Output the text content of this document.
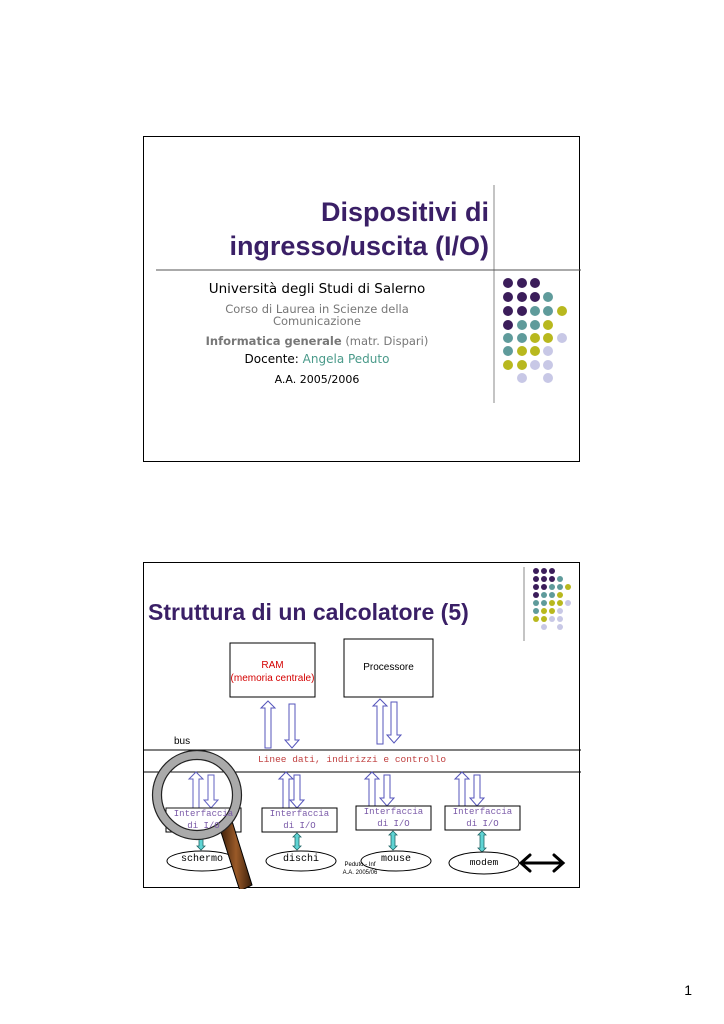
Dispositivi di
ingresso/uscita (I/O)
Università degli Studi di Salerno
Corso di Laurea in Scienze della
Comunicazione
Informatica generale (matr. Dispari)
Docente: Angela Peduto
A.A. 2005/2006
Struttura di un calcolatore (5)
RAM
(memoria centrale)
Processore
bus
Linee dati, indirizzi e controllo
Interfaccia
di I/O
Interfaccia
di I/O
Interfaccia
di I/O
Interfaccia
di I/O
schermo	dischi	mouse	modem
Peduto - Inf
A.A. 2005/06
1
